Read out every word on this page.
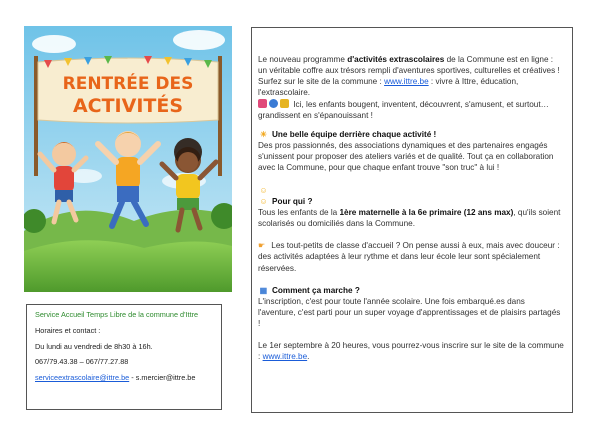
RENTRÉE DES
ACTIVITÉS

Service Accueil Temps Libre de la commune d'Ittre

Horaires et contact :

Du lundi au vendredi de 8h30 à 16h.

067/79.43.38 – 067/77.27.88

serviceextrascolaire@ittre.be - s.mercier@ittre.be

Le nouveau programme d'activités extrascolaires de la Commune est en ligne : un véritable coffre aux trésors rempli d'aventures sportives, culturelles et créatives ! Surfez sur le site de la commune : www.ittre.be : vivre à Ittre, éducation, l'extrascolaire.
Ici, les enfants bougent, inventent, découvrent, s'amusent, et surtout… grandissent en s'épanouissant !

☀ Une belle équipe derrière chaque activité !

Des pros passionnés, des associations dynamiques et des partenaires engagés s'unissent pour proposer des ateliers variés et de qualité. Tout ça en collaboration avec la Commune, pour que chaque enfant trouve "son truc" à lui !

☺☺ Pour qui ?

Tous les enfants de la 1ère maternelle à la 6e primaire (12 ans max), qu'ils soient scolarisés ou domiciliés dans la Commune.

☛ Les tout-petits de classe d'accueil ? On pense aussi à eux, mais avec douceur : des activités adaptées à leur rythme et dans leur école leur sont spécialement réservées.

▦ Comment ça marche ?

L'inscription, c'est pour toute l'année scolaire. Une fois embarqué.es dans l'aventure, c'est parti pour un super voyage d'apprentissages et de plaisirs partagés !

Le 1er septembre à 20 heures, vous pourrez-vous inscrire sur le site de la commune : www.ittre.be.
